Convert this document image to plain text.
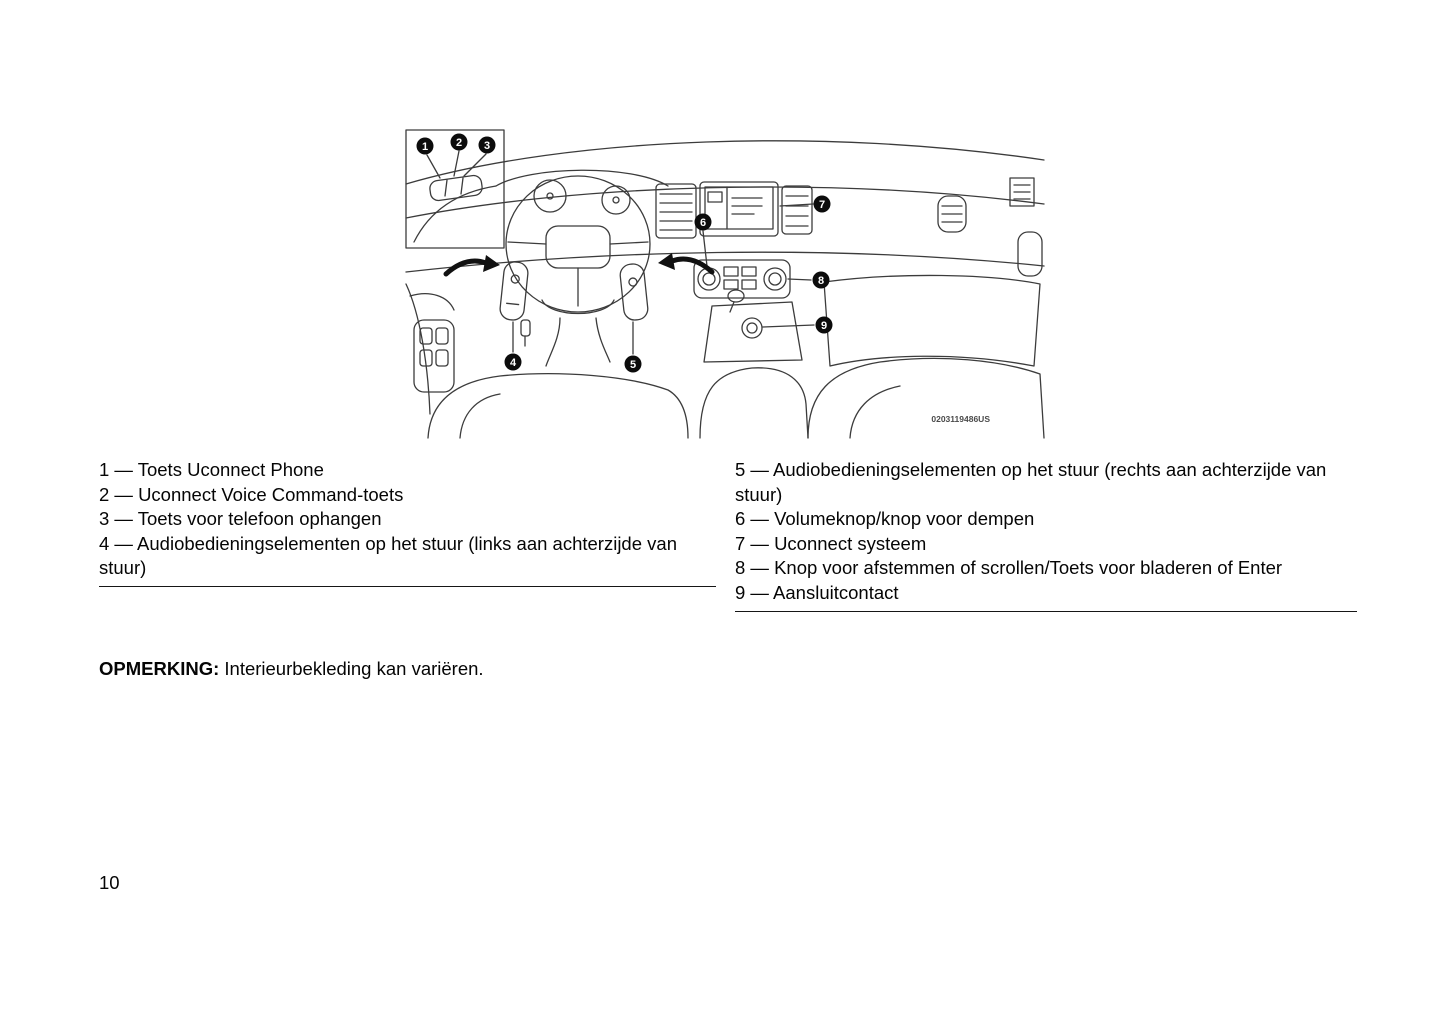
1	2 3
4	5
6
7
8
9
0203119486US
1 — Toets Uconnect Phone
2 — Uconnect Voice Command-toets
3 — Toets voor telefoon ophangen
4 — Audiobedieningselementen op het stuur (links aan achterzijde van stuur)
5 — Audiobedieningselementen op het stuur (rechts aan achterzijde van stuur)
6 — Volumeknop/knop voor dempen
7 — Uconnect systeem
8 — Knop voor afstemmen of scrollen/Toets voor bladeren of Enter
9 — Aansluitcontact
OPMERKING: Interieurbekleding kan variëren.
10
